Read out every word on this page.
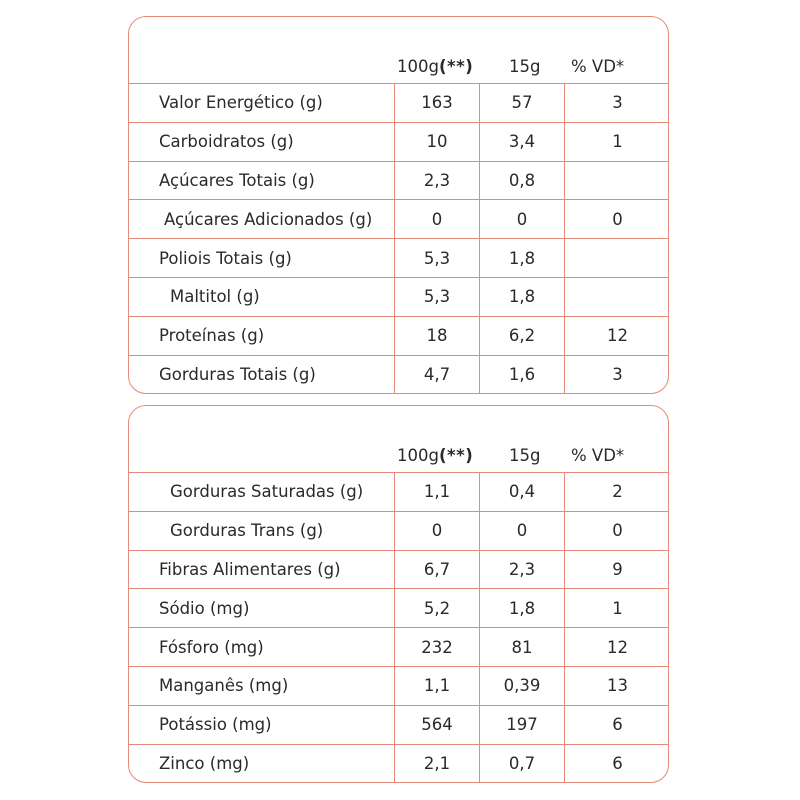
100g(**) 15g % VD*
Valor Energético (g)	163	57	3
Carboidratos (g)	10	3,4	1
Açúcares Totais (g)	2,3	0,8
Açúcares Adicionados (g)	0	0	0
Poliois Totais (g)	5,3	1,8
Maltitol (g)	5,3	1,8
Proteínas (g)	18	6,2	12
Gorduras Totais (g)	4,7	1,6	3
100g(**) 15g % VD*
Gorduras Saturadas (g)	1,1	0,4	2
Gorduras Trans (g)	0	0	0
Fibras Alimentares (g)	6,7	2,3	9
Sódio (mg)	5,2	1,8	1
Fósforo (mg)	232	81	12
Manganês (mg)	1,1	0,39	13
Potássio (mg)	564	197	6
Zinco (mg)	2,1	0,7	6
